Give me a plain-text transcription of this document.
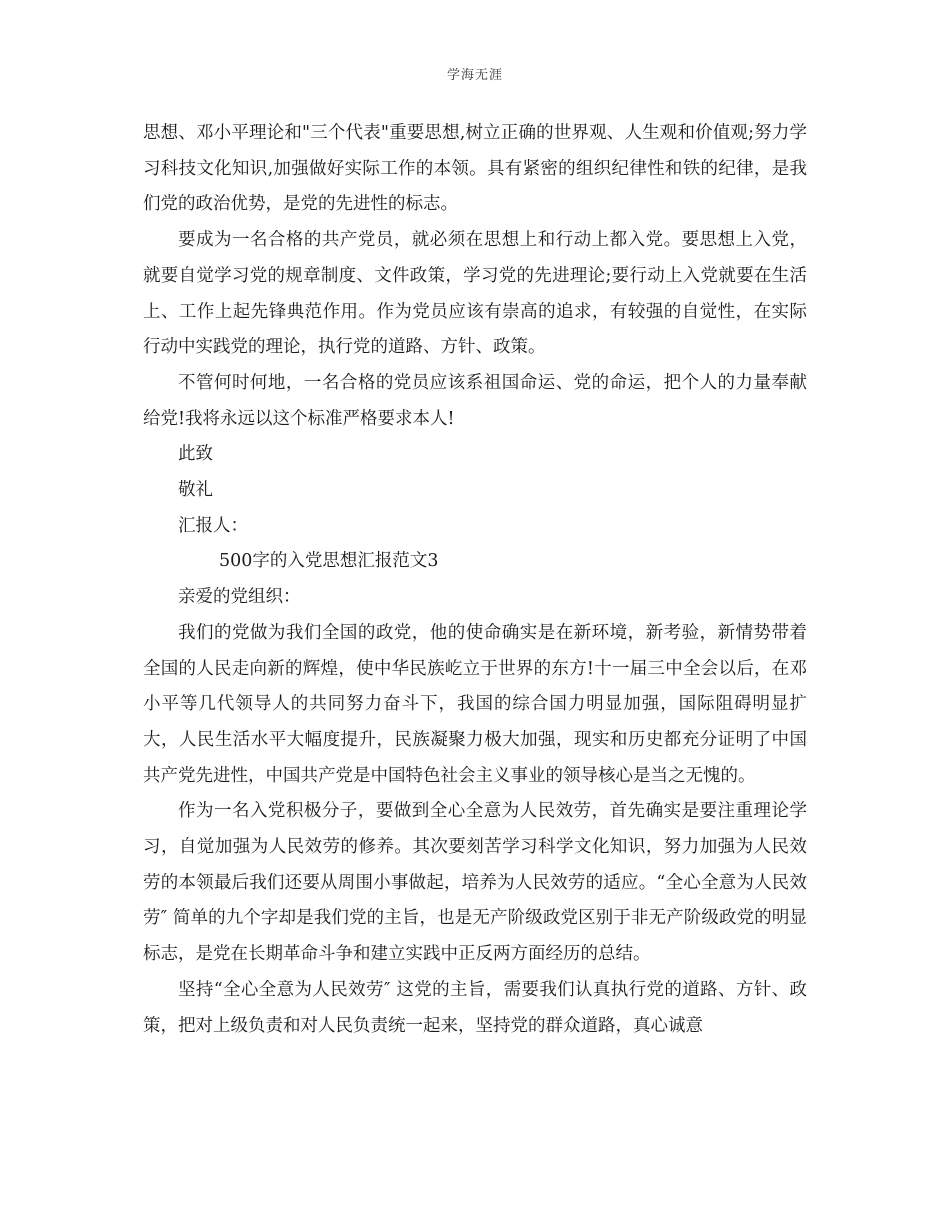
学海无涯

思想、邓小平理论和"三个代表"重要思想,树立正确的世界观、人生观和价值观;努力学习科技文化知识,加强做好实际工作的本领。具有紧密的组织纪律性和铁的纪律，是我们党的政治优势，是党的先进性的标志。

要成为一名合格的共产党员，就必须在思想上和行动上都入党。要思想上入党，就要自觉学习党的规章制度、文件政策，学习党的先进理论;要行动上入党就要在生活上、工作上起先锋典范作用。作为党员应该有崇高的追求，有较强的自觉性，在实际行动中实践党的理论，执行党的道路、方针、政策。

不管何时何地，一名合格的党员应该系祖国命运、党的命运，把个人的力量奉献给党!我将永远以这个标准严格要求本人!

此致

敬礼

汇报人：

500字的入党思想汇报范文3

亲爱的党组织：

我们的党做为我们全国的政党，他的使命确实是在新环境，新考验，新情势带着全国的人民走向新的辉煌，使中华民族屹立于世界的东方!十一届三中全会以后，在邓小平等几代领导人的共同努力奋斗下，我国的综合国力明显加强，国际阻碍明显扩大，人民生活水平大幅度提升，民族凝聚力极大加强，现实和历史都充分证明了中国共产党先进性，中国共产党是中国特色社会主义事业的领导核心是当之无愧的。

作为一名入党积极分子，要做到全心全意为人民效劳，首先确实是要注重理论学习，自觉加强为人民效劳的修养。其次要刻苦学习科学文化知识，努力加强为人民效劳的本领最后我们还要从周围小事做起，培养为人民效劳的适应。“全心全意为人民效劳″ 简单的九个字却是我们党的主旨，也是无产阶级政党区别于非无产阶级政党的明显标志，是党在长期革命斗争和建立实践中正反两方面经历的总结。

坚持“全心全意为人民效劳″ 这党的主旨，需要我们认真执行党的道路、方针、政策，把对上级负责和对人民负责统一起来，坚持党的群众道路，真心诚意
